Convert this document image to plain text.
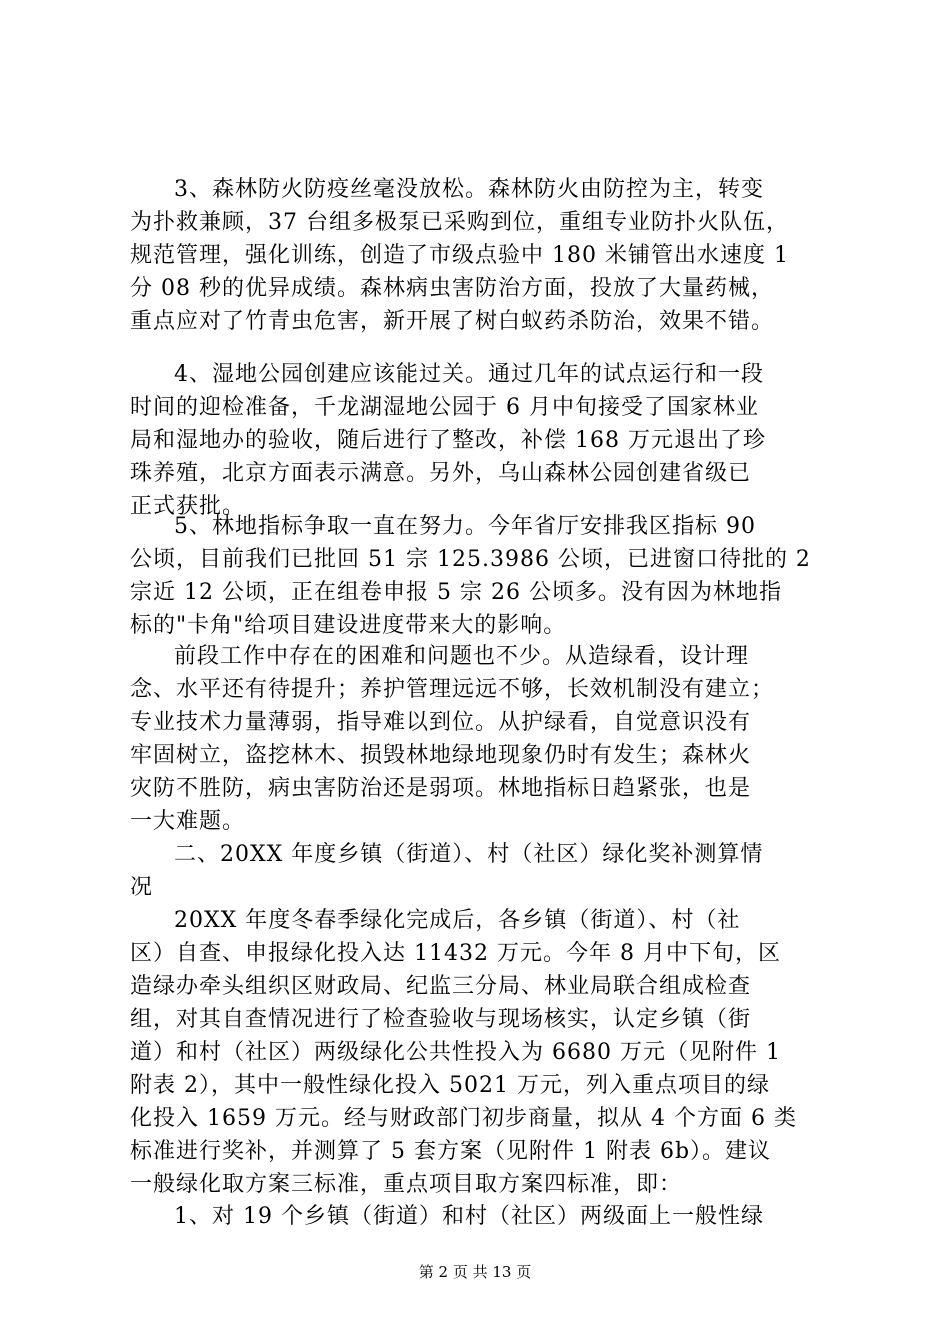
3、森林防火防疫丝毫没放松。森林防火由防控为主，转变
为扑救兼顾，37 台组多极泵已采购到位，重组专业防扑火队伍，
规范管理，强化训练，创造了市级点验中 180 米铺管出水速度 1
分 08 秒的优异成绩。森林病虫害防治方面，投放了大量药械，
重点应对了竹青虫危害，新开展了树白蚁药杀防治，效果不错。

4、湿地公园创建应该能过关。通过几年的试点运行和一段
时间的迎检准备，千龙湖湿地公园于 6 月中旬接受了国家林业
局和湿地办的验收，随后进行了整改，补偿 168 万元退出了珍
珠养殖，北京方面表示满意。另外，乌山森林公园创建省级已
正式获批。

5、林地指标争取一直在努力。今年省厅安排我区指标 90
公顷，目前我们已批回 51 宗 125.3986 公顷，已进窗口待批的 2
宗近 12 公顷，正在组卷申报 5 宗 26 公顷多。没有因为林地指
标的"卡角"给项目建设进度带来大的影响。

前段工作中存在的困难和问题也不少。从造绿看，设计理
念、水平还有待提升；养护管理远远不够，长效机制没有建立；
专业技术力量薄弱，指导难以到位。从护绿看，自觉意识没有
牢固树立，盗挖林木、损毁林地绿地现象仍时有发生；森林火
灾防不胜防，病虫害防治还是弱项。林地指标日趋紧张，也是
一大难题。

二、20XX 年度乡镇（街道）、村（社区）绿化奖补测算情
况

20XX 年度冬春季绿化完成后，各乡镇（街道）、村（社
区）自查、申报绿化投入达 11432 万元。今年 8 月中下旬，区
造绿办牵头组织区财政局、纪监三分局、林业局联合组成检查
组，对其自查情况进行了检查验收与现场核实，认定乡镇（街
道）和村（社区）两级绿化公共性投入为 6680 万元（见附件 1
附表 2），其中一般性绿化投入 5021 万元，列入重点项目的绿
化投入 1659 万元。经与财政部门初步商量，拟从 4 个方面 6 类
标准进行奖补，并测算了 5 套方案（见附件 1 附表 6b）。建议
一般绿化取方案三标准，重点项目取方案四标准，即：

1、对 19 个乡镇（街道）和村（社区）两级面上一般性绿

第 2 页 共 13 页
